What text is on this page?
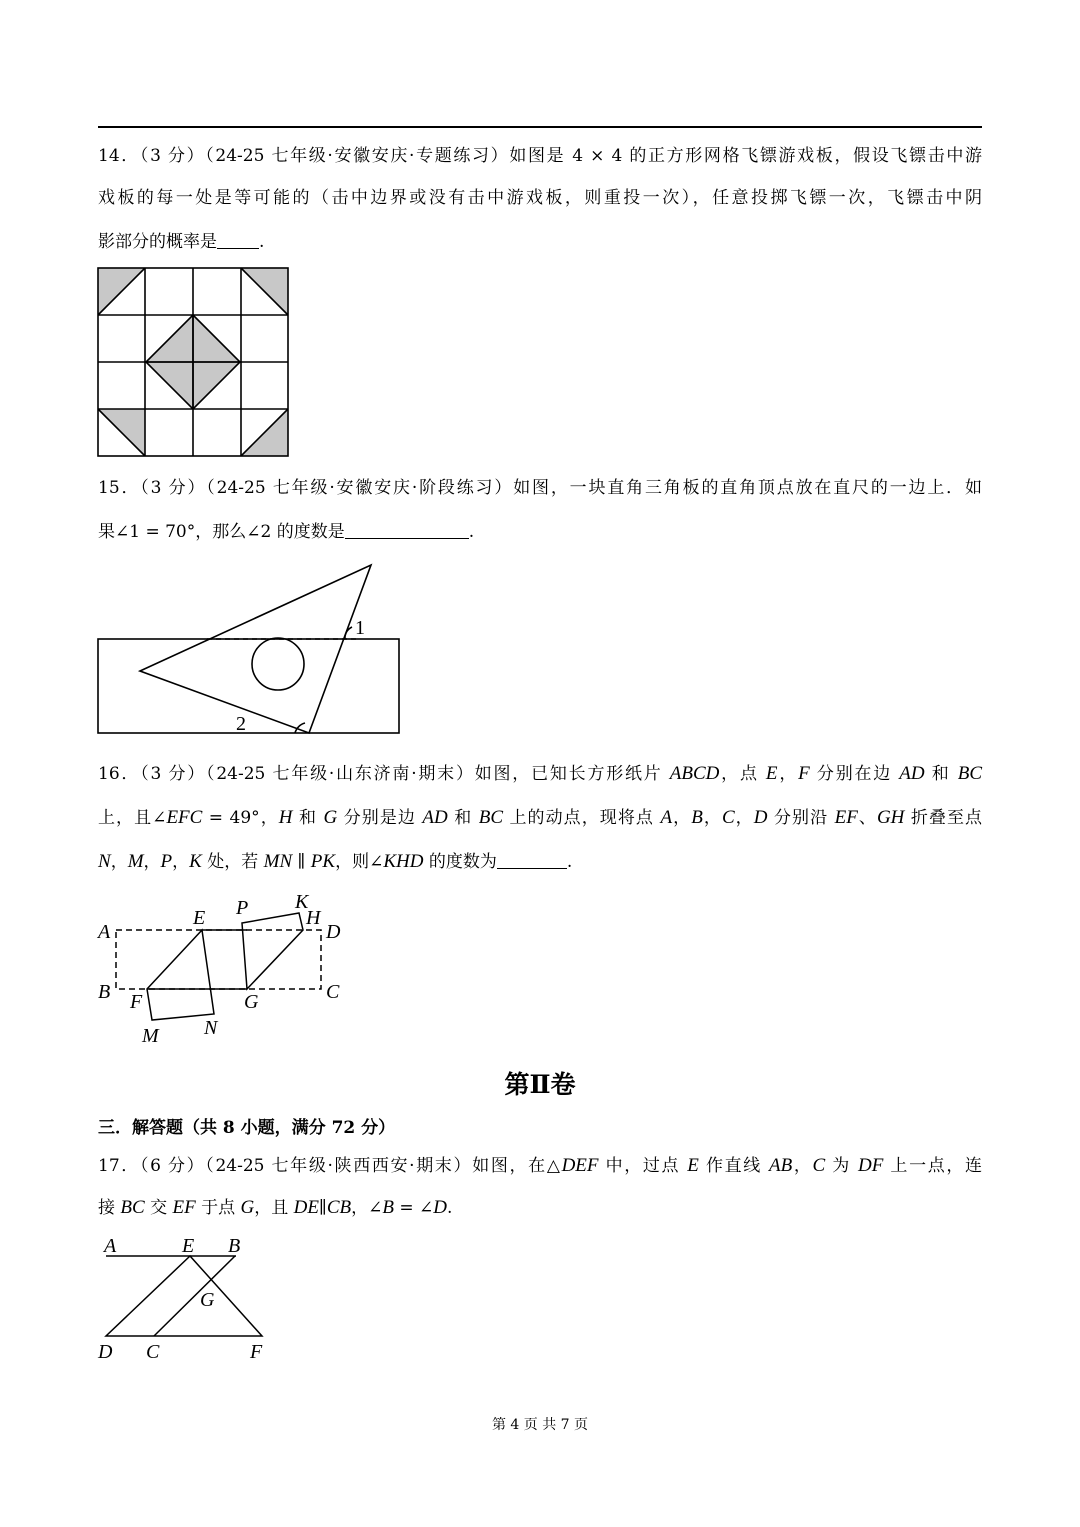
14．（3 分）（24-25 七年级·安徽安庆·专题练习）如图是 4 × 4 的正方形网格飞镖游戏板，假设飞镖击中游
戏板的每一处是等可能的（击中边界或没有击中游戏板，则重投一次），任意投掷飞镖一次，飞镖击中阴
影部分的概率是 .
15．（3 分）（24-25 七年级·安徽安庆·阶段练习）如图，一块直角三角板的直角顶点放在直尺的一边上．如
果∠1 = 70°，那么∠2 的度数是	.
1
2
16．（3 分）（24-25 七年级·山东济南·期末）如图，已知长方形纸片 ABCD，点 E，F 分别在边 AD 和 BC
上，且∠EFC = 49°，H 和 G 分别是边 AD 和 BC 上的动点，现将点 A，B，C，D 分别沿 EF、GH 折叠至点
N，M，P，K 处，若 MN ∥ PK，则∠KHD 的度数为	.
A
B	C
D
E
F	G
H
K
M N
P
第Ⅱ卷
三．解答题（共 8 小题，满分 72 分）
17．（6 分）（24-25 七年级·陕西西安·期末）如图，在△DEF 中，过点 E 作直线 AB，C 为 DF 上一点，连
接 BC 交 EF 于点 G，且 DE∥CB，∠B = ∠D.
A	E B
G
D C	F
第 4 页 共 7 页
